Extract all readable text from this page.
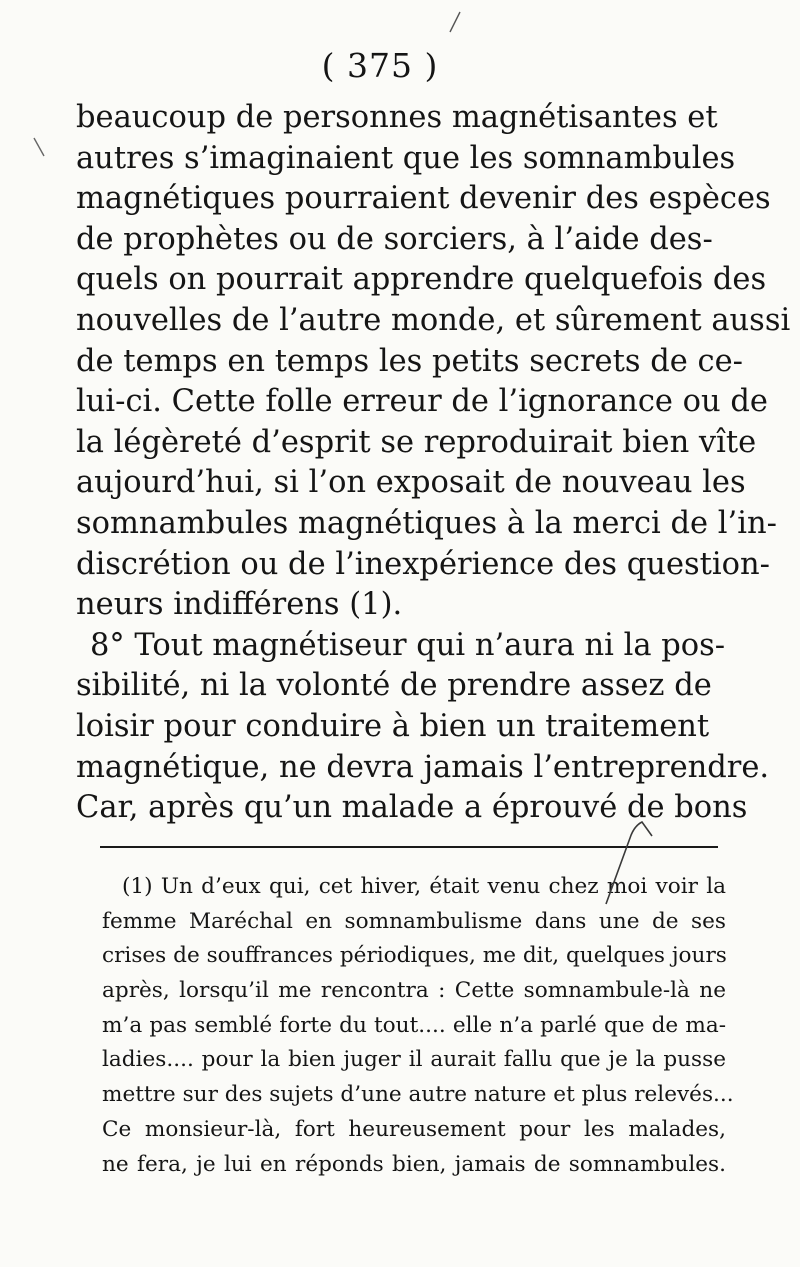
( 375 )
beaucoup de personnes magnétisantes et
autres s’imaginaient que les somnambules
magnétiques pourraient devenir des espèces
de prophètes ou de sorciers, à l’aide des-
quels on pourrait apprendre quelquefois des
nouvelles de l’autre monde, et sûrement aussi
de temps en temps les petits secrets de ce-
lui-ci. Cette folle erreur de l’ignorance ou de
la légèreté d’esprit se reproduirait bien vîte
aujourd’hui, si l’on exposait de nouveau les
somnambules magnétiques à la merci de l’in-
discrétion ou de l’inexpérience des question-
neurs indifférens (1).
8° Tout magnétiseur qui n’aura ni la pos-
sibilité, ni la volonté de prendre assez de
loisir pour conduire à bien un traitement
magnétique, ne devra jamais l’entreprendre.
Car, après qu’un malade a éprouvé de bons
(1) Un d’eux qui, cet hiver, était venu chez moi voir la
femme Maréchal en somnambulisme dans une de ses
crises de souffrances périodiques, me dit, quelques jours
après, lorsqu’il me rencontra : Cette somnambule-là ne
m’a pas semblé forte du tout.... elle n’a parlé que de ma-
ladies.... pour la bien juger il aurait fallu que je la pusse
mettre sur des sujets d’une autre nature et plus relevés...
Ce monsieur-là, fort heureusement pour les malades,
ne fera, je lui en réponds bien, jamais de somnambules.
